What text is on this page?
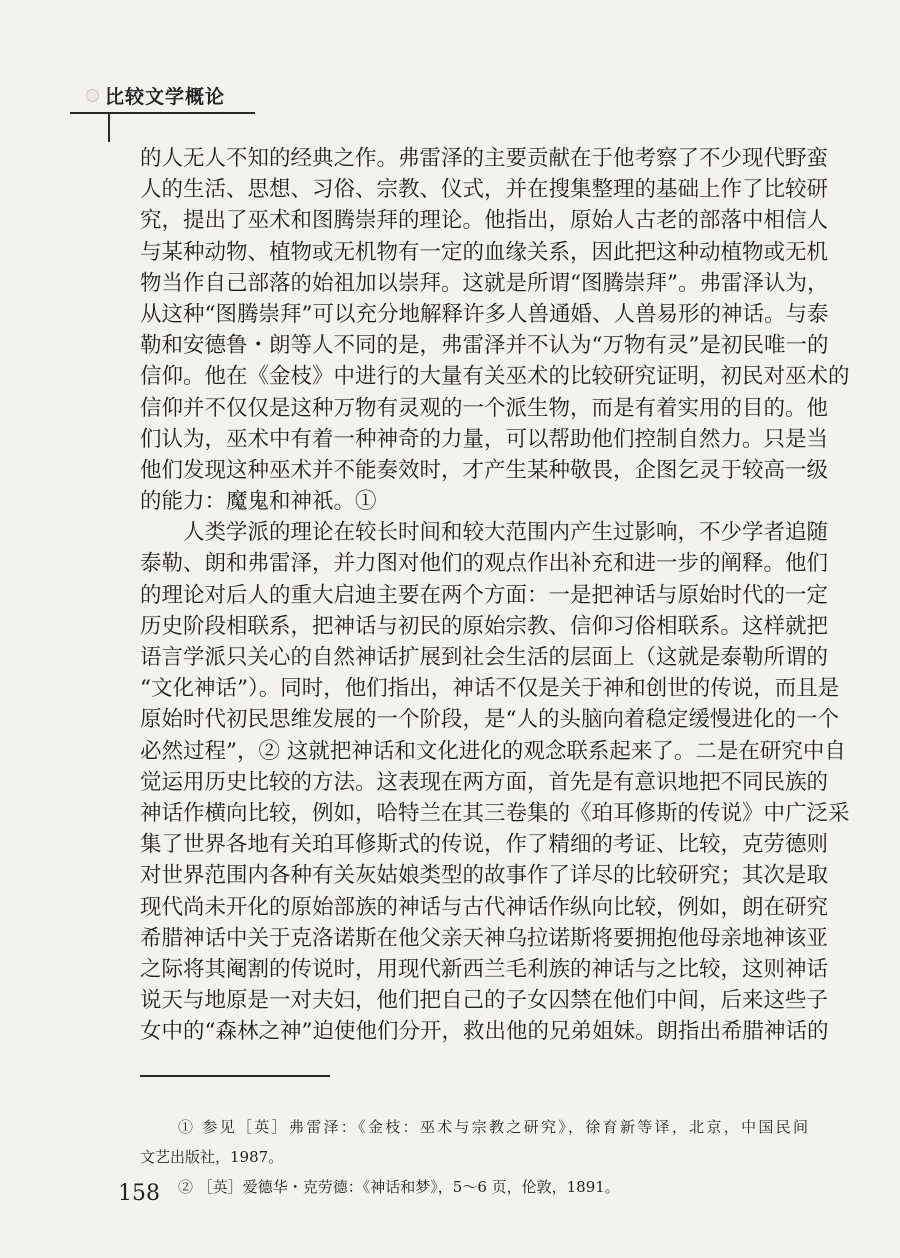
比较文学概论
的人无人不知的经典之作。弗雷泽的主要贡献在于他考察了不少现代野蛮
人的生活、思想、习俗、宗教、仪式，并在搜集整理的基础上作了比较研
究，提出了巫术和图腾崇拜的理论。他指出，原始人古老的部落中相信人
与某种动物、植物或无机物有一定的血缘关系，因此把这种动植物或无机
物当作自己部落的始祖加以崇拜。这就是所谓“图腾崇拜”。弗雷泽认为，
从这种“图腾崇拜”可以充分地解释许多人兽通婚、人兽易形的神话。与泰
勒和安德鲁・朗等人不同的是，弗雷泽并不认为“万物有灵”是初民唯一的
信仰。他在《金枝》中进行的大量有关巫术的比较研究证明，初民对巫术的
信仰并不仅仅是这种万物有灵观的一个派生物，而是有着实用的目的。他
们认为，巫术中有着一种神奇的力量，可以帮助他们控制自然力。只是当
他们发现这种巫术并不能奏效时，才产生某种敬畏，企图乞灵于较高一级
的能力：魔鬼和神祇。①
人类学派的理论在较长时间和较大范围内产生过影响，不少学者追随
泰勒、朗和弗雷泽，并力图对他们的观点作出补充和进一步的阐释。他们
的理论对后人的重大启迪主要在两个方面：一是把神话与原始时代的一定
历史阶段相联系，把神话与初民的原始宗教、信仰习俗相联系。这样就把
语言学派只关心的自然神话扩展到社会生活的层面上（这就是泰勒所谓的
“文化神话”）。同时，他们指出，神话不仅是关于神和创世的传说，而且是
原始时代初民思维发展的一个阶段，是“人的头脑向着稳定缓慢进化的一个
必然过程”，② 这就把神话和文化进化的观念联系起来了。二是在研究中自
觉运用历史比较的方法。这表现在两方面，首先是有意识地把不同民族的
神话作横向比较，例如，哈特兰在其三卷集的《珀耳修斯的传说》中广泛采
集了世界各地有关珀耳修斯式的传说，作了精细的考证、比较，克劳德则
对世界范围内各种有关灰姑娘类型的故事作了详尽的比较研究；其次是取
现代尚未开化的原始部族的神话与古代神话作纵向比较，例如，朗在研究
希腊神话中关于克洛诺斯在他父亲天神乌拉诺斯将要拥抱他母亲地神该亚
之际将其阉割的传说时，用现代新西兰毛利族的神话与之比较，这则神话
说天与地原是一对夫妇，他们把自己的子女囚禁在他们中间，后来这些子
女中的“森林之神”迫使他们分开，救出他的兄弟姐妹。朗指出希腊神话的
① 参见［英］弗雷泽：《金枝：巫术与宗教之研究》，徐育新等译，北京，中国民间
文艺出版社，1987。
② ［英］爱德华・克劳德：《神话和梦》，5～6 页，伦敦，1891。
158
